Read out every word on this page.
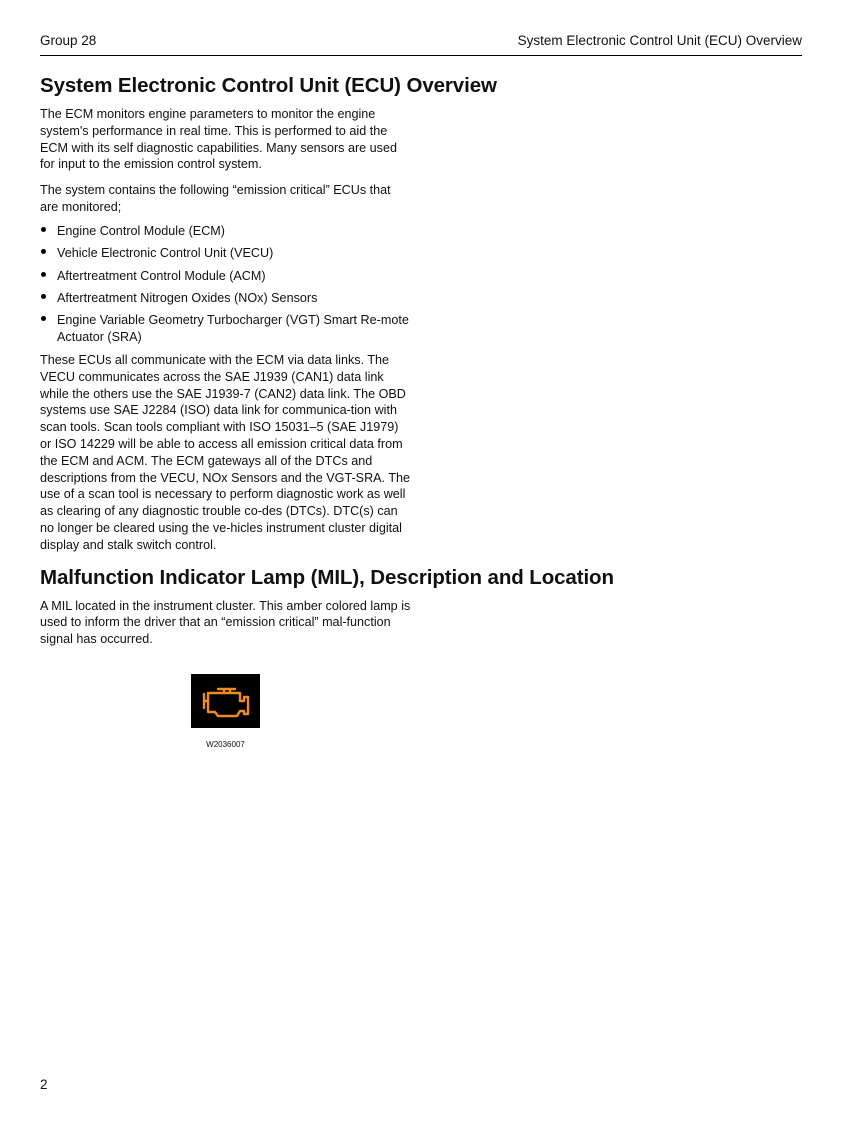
Group 28	System Electronic Control Unit (ECU) Overview
System Electronic Control Unit (ECU) Overview

The ECM monitors engine parameters to monitor the engine system's performance in real time. This is performed to aid the ECM with its self diagnostic capabilities. Many sensors are used for input to the emission control system.

The system contains the following “emission critical” ECUs that are monitored;

Engine Control Module (ECM)
Vehicle Electronic Control Unit (VECU)
Aftertreatment Control Module (ACM)
Aftertreatment Nitrogen Oxides (NOx) Sensors
Engine Variable Geometry Turbocharger (VGT) Smart Re-mote Actuator (SRA)

These ECUs all communicate with the ECM via data links. The VECU communicates across the SAE J1939 (CAN1) data link while the others use the SAE J1939-7 (CAN2) data link. The OBD systems use SAE J2284 (ISO) data link for communica-tion with scan tools. Scan tools compliant with ISO 15031–5 (SAE J1979) or ISO 14229 will be able to access all emission critical data from the ECM and ACM. The ECM gateways all of the DTCs and descriptions from the VECU, NOx Sensors and the VGT-SRA. The use of a scan tool is necessary to perform diagnostic work as well as clearing of any diagnostic trouble co-des (DTCs). DTC(s) can no longer be cleared using the ve-hicles instrument cluster digital display and stalk switch control.

Malfunction Indicator Lamp (MIL), Description and Location

A MIL located in the instrument cluster. This amber colored lamp is used to inform the driver that an “emission critical” mal-function signal has occurred.

W2036007
2
